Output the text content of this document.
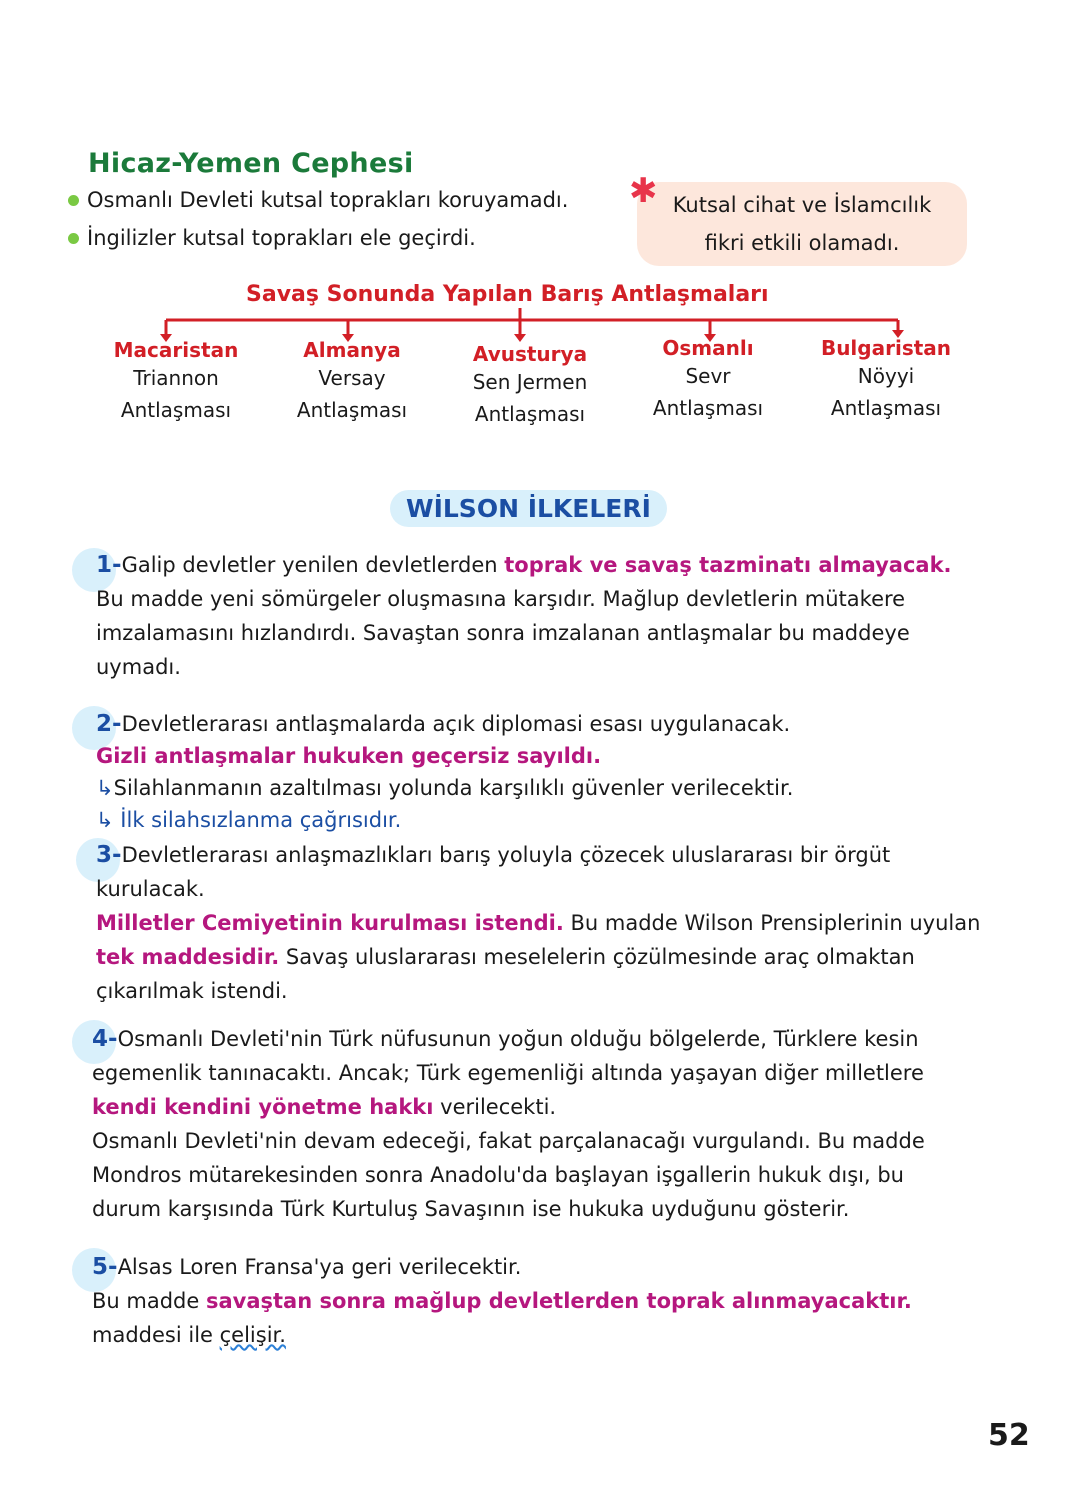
Hicaz-Yemen Cephesi
Osmanlı Devleti kutsal toprakları koruyamadı.
İngilizler kutsal toprakları ele geçirdi.
✱ Kutsal cihat ve İslamcılık
fikri etkili olamadı.
Savaş Sonunda Yapılan Barış Antlaşmaları
Macaristan
Triannon
Antlaşması
Almanya
Versay
Antlaşması
Avusturya
Sen Jermen
Antlaşması
Osmanlı
Sevr
Antlaşması
Bulgaristan
Nöyyi
Antlaşması
WİLSON İLKELERİ
1-Galip devletler yenilen devletlerden toprak ve savaş tazminatı almayacak.
Bu madde yeni sömürgeler oluşmasına karşıdır. Mağlup devletlerin mütakere
imzalamasını hızlandırdı. Savaştan sonra imzalanan antlaşmalar bu maddeye
uymadı.
2-Devletlerarası antlaşmalarda açık diplomasi esası uygulanacak.
Gizli antlaşmalar hukuken geçersiz sayıldı.
↳Silahlanmanın azaltılması yolunda karşılıklı güvenler verilecektir.
↳ İlk silahsızlanma çağrısıdır.
3-Devletlerarası anlaşmazlıkları barış yoluyla çözecek uluslararası bir örgüt
kurulacak.
Milletler Cemiyetinin kurulması istendi. Bu madde Wilson Prensiplerinin uyulan
tek maddesidir. Savaş uluslararası meselelerin çözülmesinde araç olmaktan
çıkarılmak istendi.
4-Osmanlı Devleti'nin Türk nüfusunun yoğun olduğu bölgelerde, Türklere kesin
egemenlik tanınacaktı. Ancak; Türk egemenliği altında yaşayan diğer milletlere
kendi kendini yönetme hakkı verilecekti.
Osmanlı Devleti'nin devam edeceği, fakat parçalanacağı vurgulandı. Bu madde
Mondros mütarekesinden sonra Anadolu'da başlayan işgallerin hukuk dışı, bu
durum karşısında Türk Kurtuluş Savaşının ise hukuka uyduğunu gösterir.
5-Alsas Loren Fransa'ya geri verilecektir.
Bu madde savaştan sonra mağlup devletlerden toprak alınmayacaktır.
maddesi ile çelişir.
52
